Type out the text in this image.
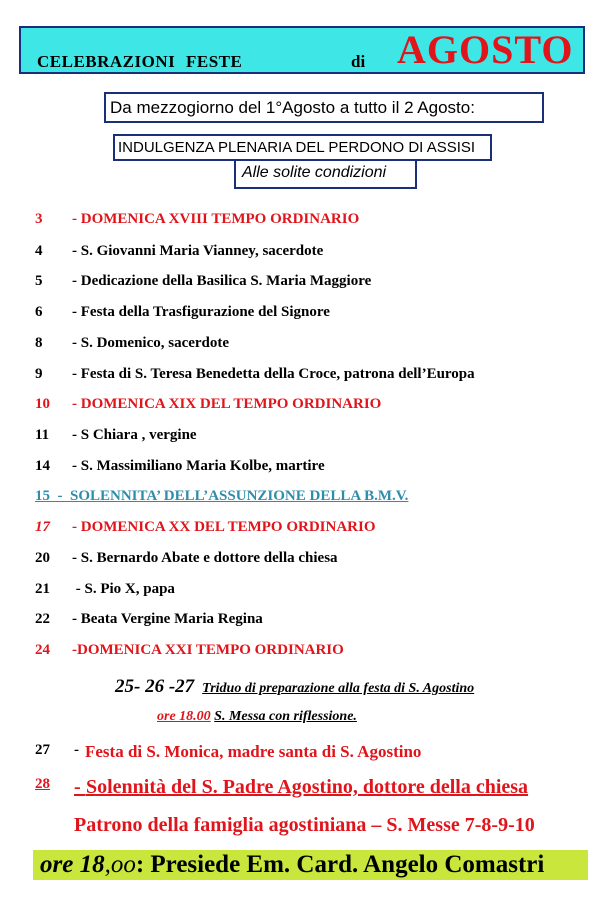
CELEBRAZIONI FESTE	di AGOSTO
Da mezzogiorno del 1°Agosto a tutto il 2 Agosto:
INDULGENZA PLENARIA DEL PERDONO DI ASSISI
Alle solite condizioni
3 - DOMENICA XVIII TEMPO ORDINARIO
4 - S. Giovanni Maria Vianney, sacerdote
5 - Dedicazione della Basilica S. Maria Maggiore
6 - Festa della Trasfigurazione del Signore
8 - S. Domenico, sacerdote
9 - Festa di S. Teresa Benedetta della Croce, patrona dell’Europa
10 - DOMENICA XIX DEL TEMPO ORDINARIO
11 - S Chiara , vergine
14 - S. Massimiliano Maria Kolbe, martire
15  -  SOLENNITA’ DELL’ASSUNZIONE DELLA B.M.V.
17 - DOMENICA XX DEL TEMPO ORDINARIO
20 - S. Bernardo Abate e dottore della chiesa
21 - S. Pio X, papa
22 - Beata Vergine Maria Regina
24 -DOMENICA XXI TEMPO ORDINARIO
25- 26 -27 Triduo di preparazione alla festa di S. Agostino
ore 18.00 S. Messa con riflessione.
27 - Festa di S. Monica, madre santa di S. Agostino
28 - Solennità del S. Padre Agostino, dottore della chiesa
Patrono della famiglia agostiniana – S. Messe 7-8-9-10
ore 18,oo: Presiede Em. Card. Angelo Comastri
